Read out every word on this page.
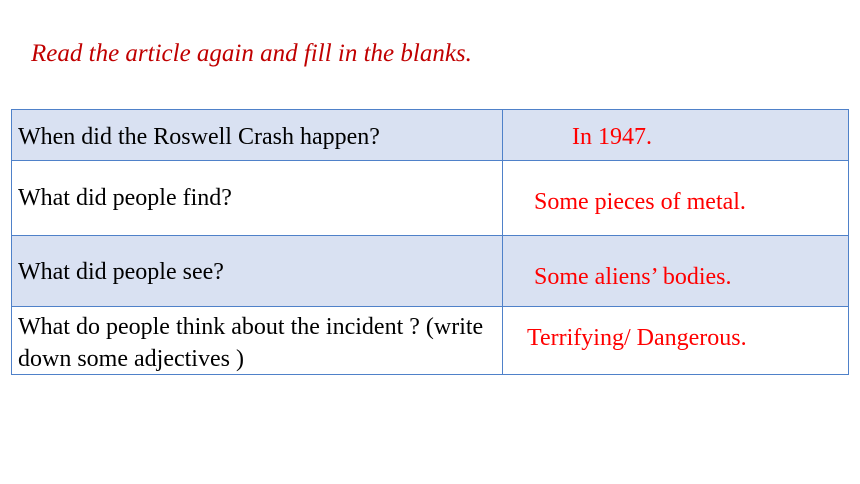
Read the article again and fill in the blanks.
When did the Roswell Crash happen?	In 1947.

What did people find?	Some pieces of metal.

What did people see?	Some aliens’ bodies.

What do people think about the incident ? (write down some adjectives )	Terrifying/ Dangerous.
